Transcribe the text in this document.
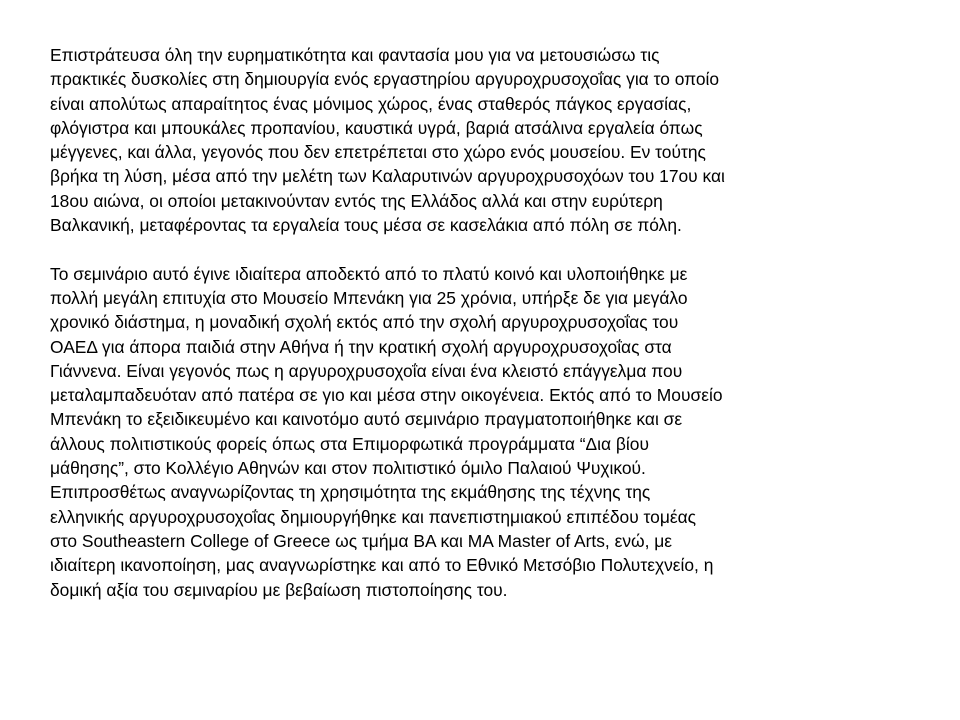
Επιστράτευσα όλη την ευρηματικότητα και φαντασία μου για να μετουσιώσω τις
πρακτικές δυσκολίες στη δημιουργία ενός εργαστηρίου αργυροχρυσοχοΐας για το οποίο
είναι απολύτως απαραίτητος ένας μόνιμος χώρος, ένας σταθερός πάγκος εργασίας,
φλόγιστρα και μπουκάλες προπανίου, καυστικά υγρά, βαριά ατσάλινα εργαλεία όπως
μέγγενες, και άλλα, γεγονός που δεν επετρέπεται στο χώρο ενός μουσείου. Εν τούτης
βρήκα τη λύση, μέσα από την μελέτη των Καλαρυτινών αργυροχρυσοχόων του 17ου και
18ου αιώνα, οι οποίοι μετακινούνταν εντός της Ελλάδος αλλά και στην ευρύτερη
Βαλκανική, μεταφέροντας τα εργαλεία τους μέσα σε κασελάκια από πόλη σε πόλη.
Το σεμινάριο αυτό έγινε ιδιαίτερα αποδεκτό από το πλατύ κοινό και υλοποιήθηκε με
πολλή μεγάλη επιτυχία στο Μουσείο Μπενάκη για 25 χρόνια, υπήρξε δε για μεγάλο
χρονικό διάστημα, η μοναδική σχολή εκτός από την σχολή αργυροχρυσοχοΐας του
ΟΑΕΔ για άπορα παιδιά στην Αθήνα ή την κρατική σχολή αργυροχρυσοχοΐας στα
Γιάννενα. Είναι γεγονός πως η αργυροχρυσοχοΐα είναι ένα κλειστό επάγγελμα που
μεταλαμπαδευόταν από πατέρα σε γιο και μέσα στην οικογένεια. Εκτός από το Μουσείο
Μπενάκη το εξειδικευμένο και καινοτόμο αυτό σεμινάριο πραγματοποιήθηκε και σε
άλλους πολιτιστικούς φορείς όπως στα Επιμορφωτικά προγράμματα “Δια βίου
μάθησης”, στο Κολλέγιο Αθηνών και στον πολιτιστικό όμιλο Παλαιού Ψυχικού.
Επιπροσθέτως αναγνωρίζοντας τη χρησιμότητα της εκμάθησης της τέχνης της
ελληνικής αργυροχρυσοχοΐας δημιουργήθηκε και πανεπιστημιακού επιπέδου τομέας
στο Southeastern College of Greece ως τμήμα BA και MA Master of Arts, ενώ, με
ιδιαίτερη ικανοποίηση, μας αναγνωρίστηκε και από το Εθνικό Μετσόβιο Πολυτεχνείο, η
δομική αξία του σεμιναρίου με βεβαίωση πιστοποίησης του.
